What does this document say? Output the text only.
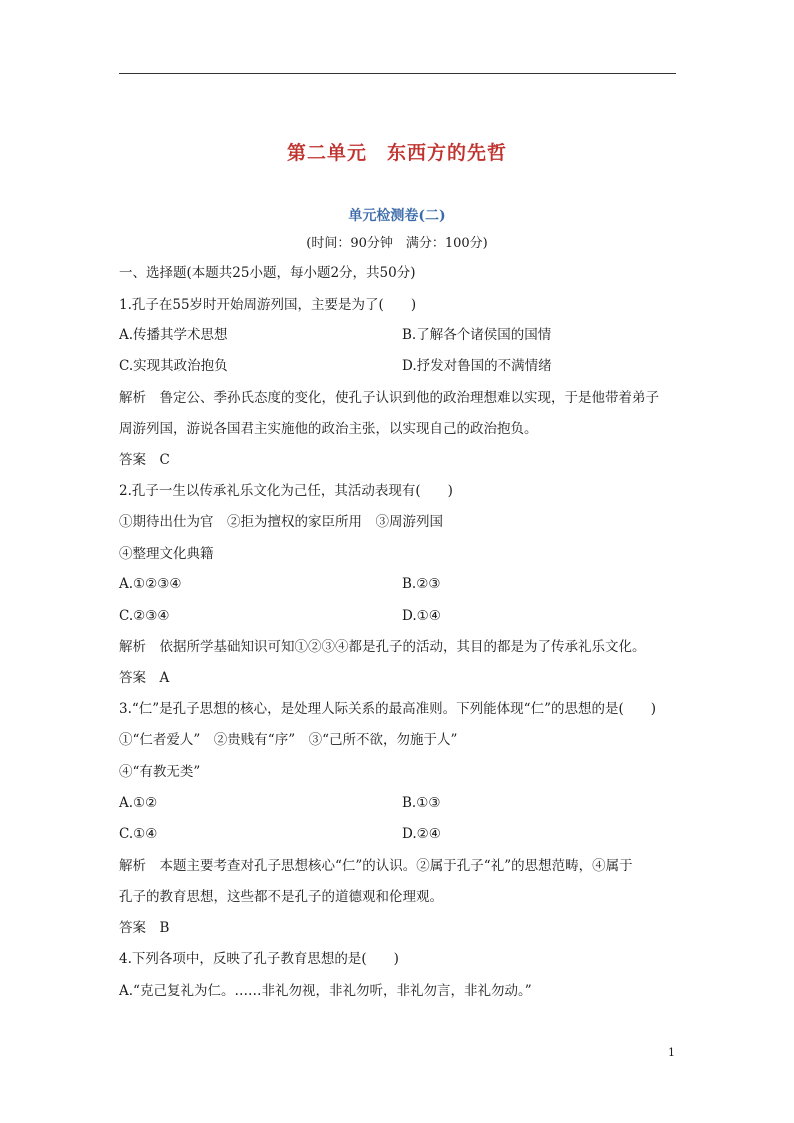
第二单元　东西方的先哲
单元检测卷(二)
(时间：90分钟　满分：100分)
一、选择题(本题共25小题，每小题2分，共50分)
1.孔子在55岁时开始周游列国，主要是为了(　　)
A.传播其学术思想	B.了解各个诸侯国的国情
C.实现其政治抱负	D.抒发对鲁国的不满情绪
解析　鲁定公、季孙氏态度的变化，使孔子认识到他的政治理想难以实现，于是他带着弟子
周游列国，游说各国君主实施他的政治主张，以实现自己的政治抱负。
答案　C
2.孔子一生以传承礼乐文化为己任，其活动表现有(　　)
①期待出仕为官　②拒为擅权的家臣所用　③周游列国
④整理文化典籍
A.①②③④	B.②③
C.②③④	D.①④
解析　依据所学基础知识可知①②③④都是孔子的活动，其目的都是为了传承礼乐文化。
答案　A
3.“仁”是孔子思想的核心，是处理人际关系的最高准则。下列能体现“仁”的思想的是(　　)
①“仁者爱人”　②贵贱有“序”　③“己所不欲，勿施于人”
④“有教无类”
A.①②	B.①③
C.①④	D.②④
解析　本题主要考查对孔子思想核心“仁”的认识。②属于孔子“礼”的思想范畴，④属于
孔子的教育思想，这些都不是孔子的道德观和伦理观。
答案　B
4.下列各项中，反映了孔子教育思想的是(　　)
A.“克己复礼为仁。……非礼勿视，非礼勿听，非礼勿言，非礼勿动。”
1
